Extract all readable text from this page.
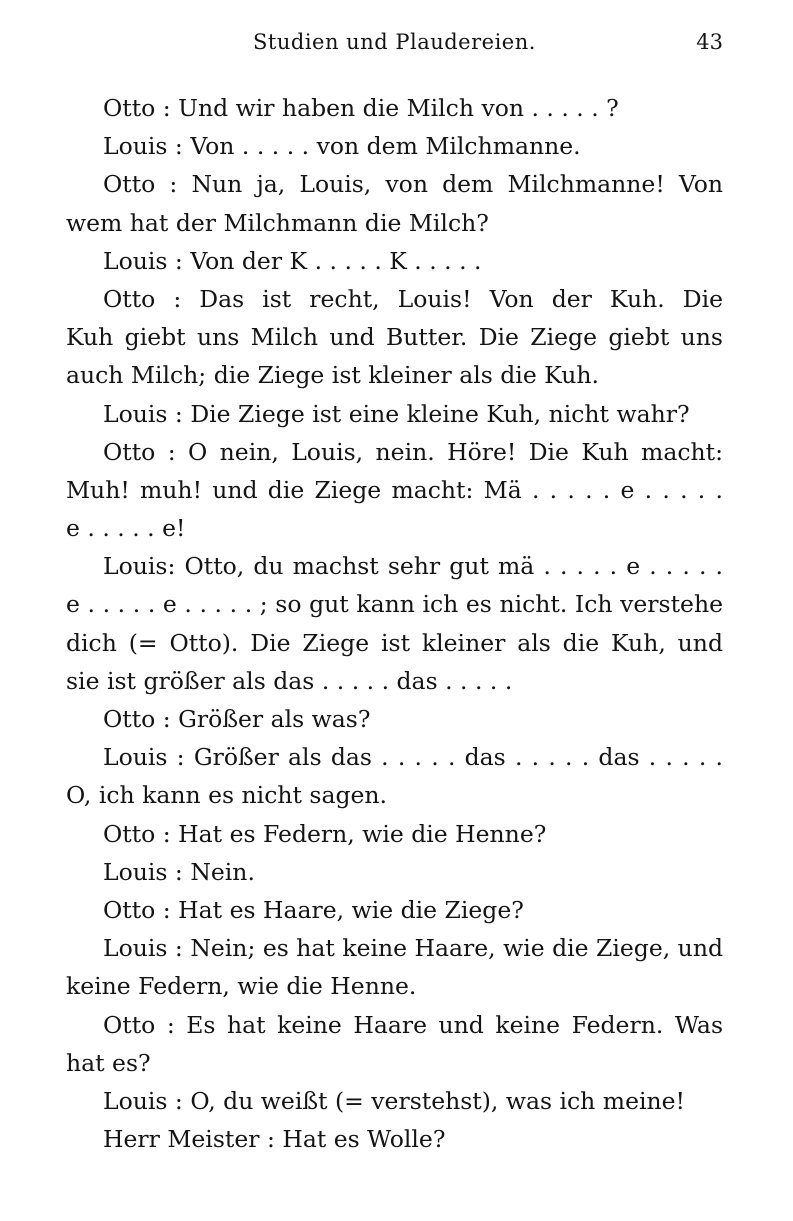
Studien und Plaudereien.	43
Otto : Und wir haben die Milch von . . . . . ?
Louis : Von . . . . . von dem Milchmanne.
Otto : Nun ja, Louis, von dem Milchmanne! Von
wem hat der Milchmann die Milch?
Louis : Von der K . . . . . K . . . . .
Otto : Das ist recht, Louis! Von der Kuh. Die
Kuh giebt uns Milch und Butter. Die Ziege giebt uns
auch Milch; die Ziege ist kleiner als die Kuh.
Louis : Die Ziege ist eine kleine Kuh, nicht wahr?
Otto : O nein, Louis, nein. Höre! Die Kuh macht:
Muh! muh! und die Ziege macht: Mä . . . . . e . . . . .
e . . . . . e!
Louis: Otto, du machst sehr gut mä . . . . . e . . . . .
e . . . . . e . . . . . ; so gut kann ich es nicht. Ich verstehe
dich (= Otto). Die Ziege ist kleiner als die Kuh, und
sie ist größer als das . . . . . das . . . . .
Otto : Größer als was?
Louis : Größer als das . . . . . das . . . . . das . . . . .
O, ich kann es nicht sagen.
Otto : Hat es Federn, wie die Henne?
Louis : Nein.
Otto : Hat es Haare, wie die Ziege?
Louis : Nein; es hat keine Haare, wie die Ziege, und
keine Federn, wie die Henne.
Otto : Es hat keine Haare und keine Federn. Was
hat es?
Louis : O, du weißt (= verstehst), was ich meine!
Herr Meister : Hat es Wolle?
